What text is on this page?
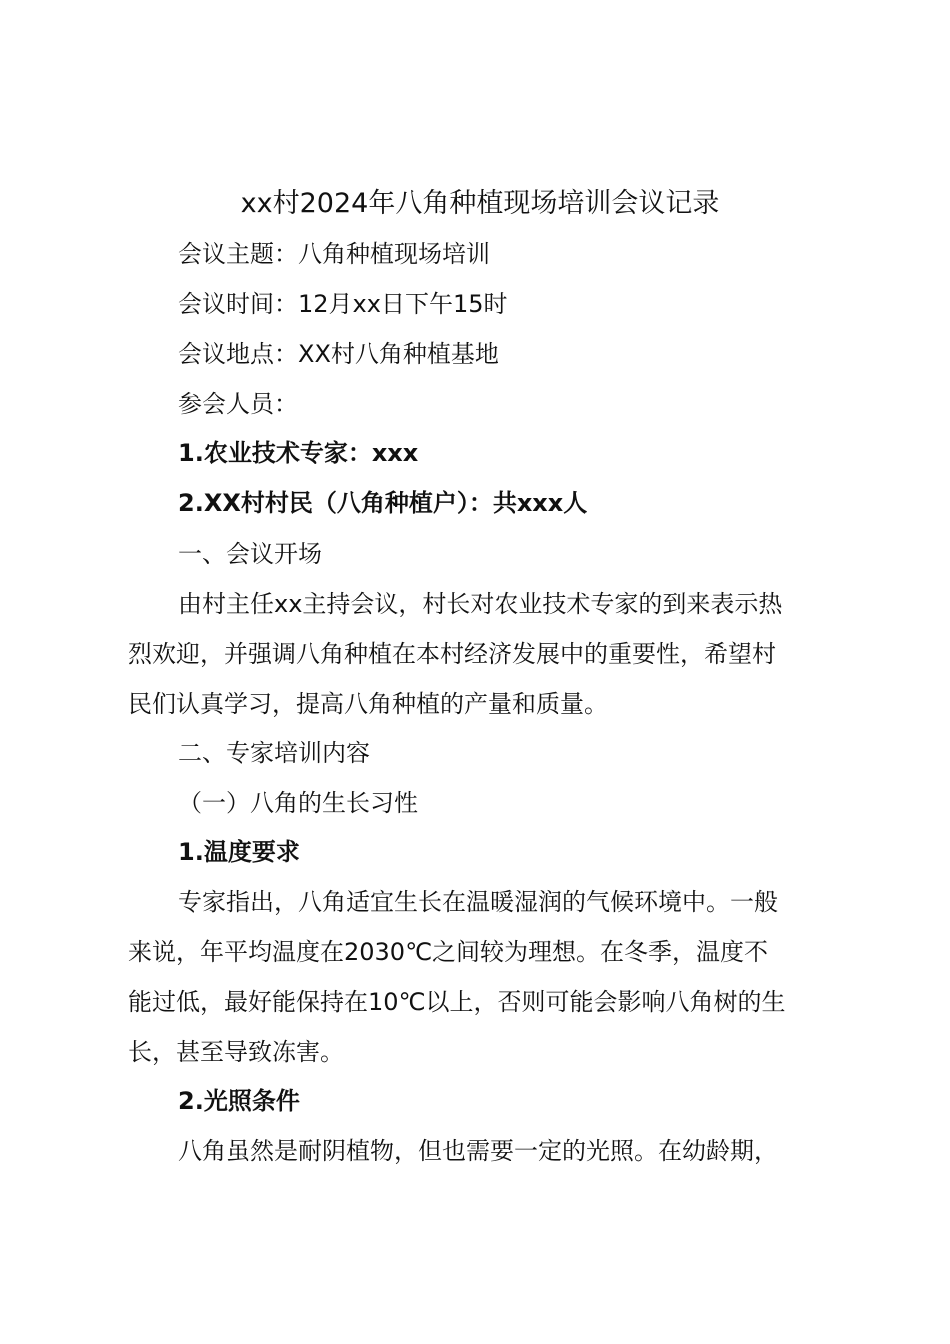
xx村2024年八角种植现场培训会议记录
会议主题：八角种植现场培训
会议时间：12月xx日下午15时
会议地点：XX村八角种植基地
参会人员：
1.农业技术专家：xxx
2.XX村村民（八角种植户）：共xxx人
一、会议开场
由村主任xx主持会议，村长对农业技术专家的到来表示热
烈欢迎，并强调八角种植在本村经济发展中的重要性，希望村
民们认真学习，提高八角种植的产量和质量。
二、专家培训内容
（一）八角的生长习性
1.温度要求
专家指出，八角适宜生长在温暖湿润的气候环境中。一般
来说，年平均温度在2030℃之间较为理想。在冬季，温度不
能过低，最好能保持在10℃以上，否则可能会影响八角树的生
长，甚至导致冻害。
2.光照条件
八角虽然是耐阴植物，但也需要一定的光照。在幼龄期，
